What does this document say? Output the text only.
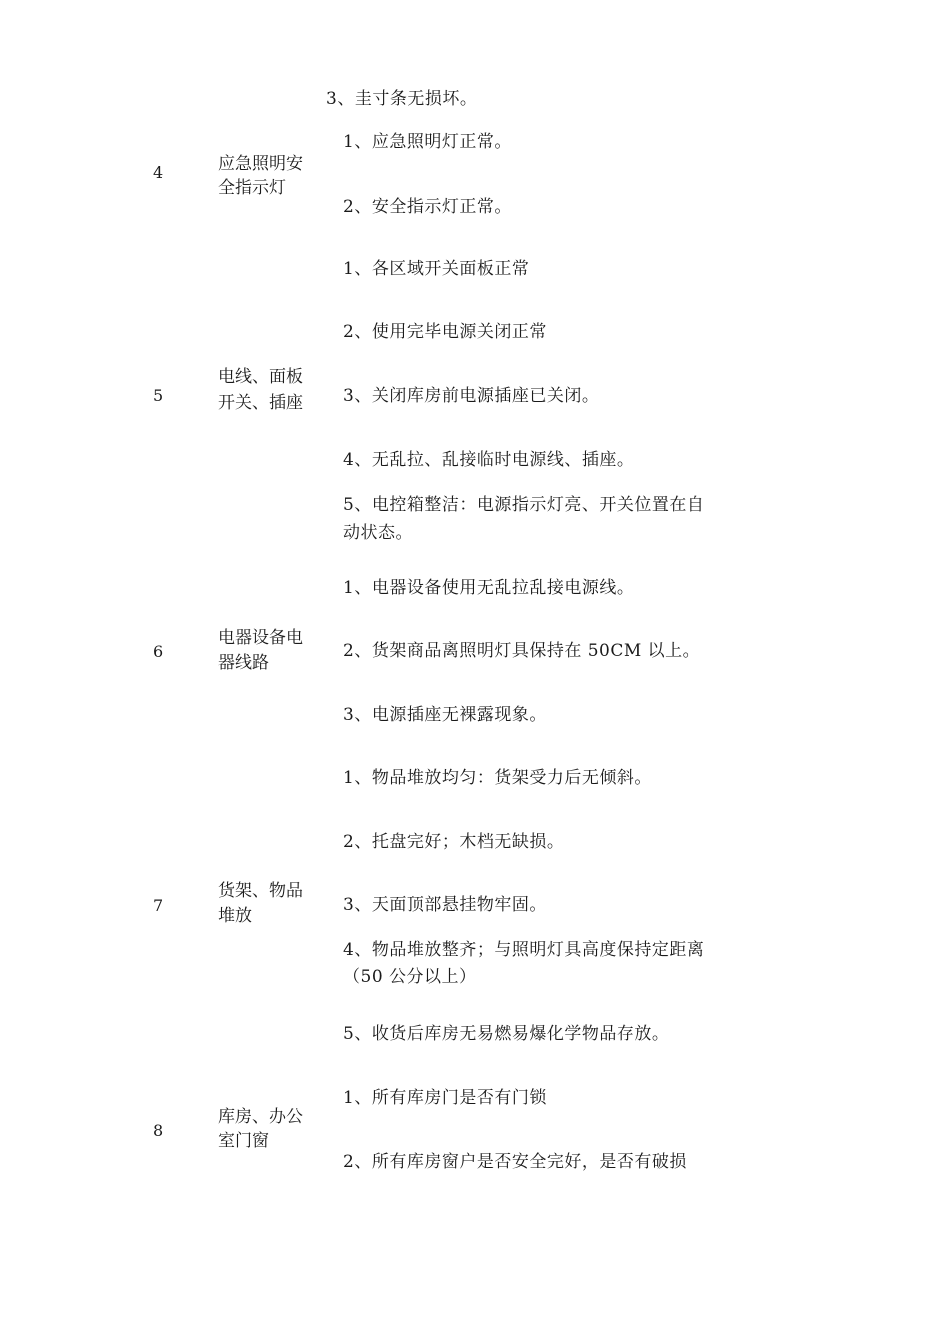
3、圭寸条无损坏。
4	应急照明安
全指示灯
1、应急照明灯正常。
2、安全指示灯正常。
5
电线、面板
开关、插座
1、各区域开关面板正常
2、使用完毕电源关闭正常
3、关闭库房前电源插座已关闭。
4、无乱拉、乱接临时电源线、插座。
5、电控箱整洁：电源指示灯亮、开关位置在自
动状态。
6
电器设备电
器线路
1、电器设备使用无乱拉乱接电源线。
2、货架商品离照明灯具保持在 50CM 以上。
3、电源插座无裸露现象。
7
货架、物品
堆放
1、物品堆放均匀：货架受力后无倾斜。
2、托盘完好；木档无缺损。
3、天面顶部悬挂物牢固。
4、物品堆放整齐；与照明灯具高度保持定距离
（50 公分以上）
5、收货后库房无易燃易爆化学物品存放。
8
库房、办公
室门窗
1、所有库房门是否有门锁
2、所有库房窗户是否安全完好，是否有破损
